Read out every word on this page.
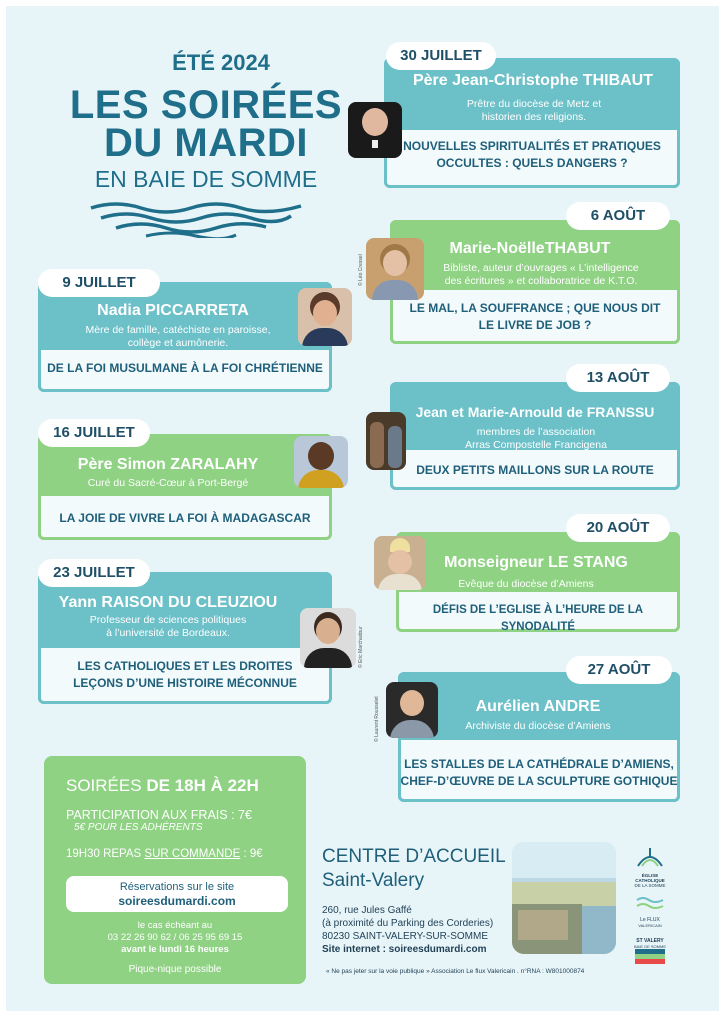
ÉTÉ 2024
LES SOIRÉES
DU MARDI
EN BAIE DE SOMME
9 JUILLET
Nadia PICCARRETA
Mère de famille, catéchiste en paroisse,
collège et aumônerie.
DE LA FOI MUSULMANE À LA FOI CHRÉTIENNE
16 JUILLET
Père Simon ZARALAHY
Curé du Sacré-Cœur à Port-Bergé
LA JOIE DE VIVRE LA FOI À MADAGASCAR
23 JUILLET
Yann RAISON DU CLEUZIOU
Professeur de sciences politiques
à l’université de Bordeaux.
LES CATHOLIQUES ET LES DROITES
LEÇONS D’UNE HISTOIRE MÉCONNUE
© Eric Marchadour
30 JUILLET
Père Jean-Christophe THIBAUT
Prêtre du diocèse de Metz et
historien des religions.
NOUVELLES SPIRITUALITÉS ET PRATIQUES
OCCULTES : QUELS DANGERS ?
6 AOÛT
Marie-NoëlleTHABUT
Bibliste, auteur d’ouvrages « L’intelligence
des écritures » et collaboratrice de K.T.O.
LE MAL, LA SOUFFRANCE ; QUE NOUS DIT
LE LIVRE DE JOB ?
© Léo Cressel
13 AOÛT
Jean et Marie-Arnould de FRANSSU
membres de l’association
Arras Compostelle Francigena
DEUX PETITS MAILLONS SUR LA ROUTE
20 AOÛT
Monseigneur LE STANG
Evêque du diocèse d’Amiens
DÉFIS DE L’EGLISE À L’HEURE DE LA SYNODALITÉ
27 AOÛT
Aurélien ANDRE
Archiviste du diocèse d’Amiens
LES STALLES DE LA CATHÉDRALE D’AMIENS,
CHEF-D’ŒUVRE DE LA SCULPTURE GOTHIQUE
© Laurent Rousselet
SOIRÉES DE 18H À 22H
PARTICIPATION AUX FRAIS : 7€
5€ POUR LES ADHÉRENTS
19H30 REPAS SUR COMMANDE : 9€
Réservations sur le site
soireesdumardi.com
le cas échéant au
03 22 26 90 62 / 06 25 95 69 15
avant le lundi 16 heures
Pique-nique possible
CENTRE D’ACCUEIL
Saint-Valery
260, rue Jules Gaffé
(à proximité du Parking des Corderies)
80230 SAINT-VALERY-SUR-SOMME
Site internet : soireesdumardi.com
ÉGLISE CATHOLIQUE
DE LA SOMME
Le FLUX
VALERICAIN
ST VALERY
BAIE DE SOMME
« Ne pas jeter sur la voie publique » Association Le flux Valericain . n°RNA : W801000874
